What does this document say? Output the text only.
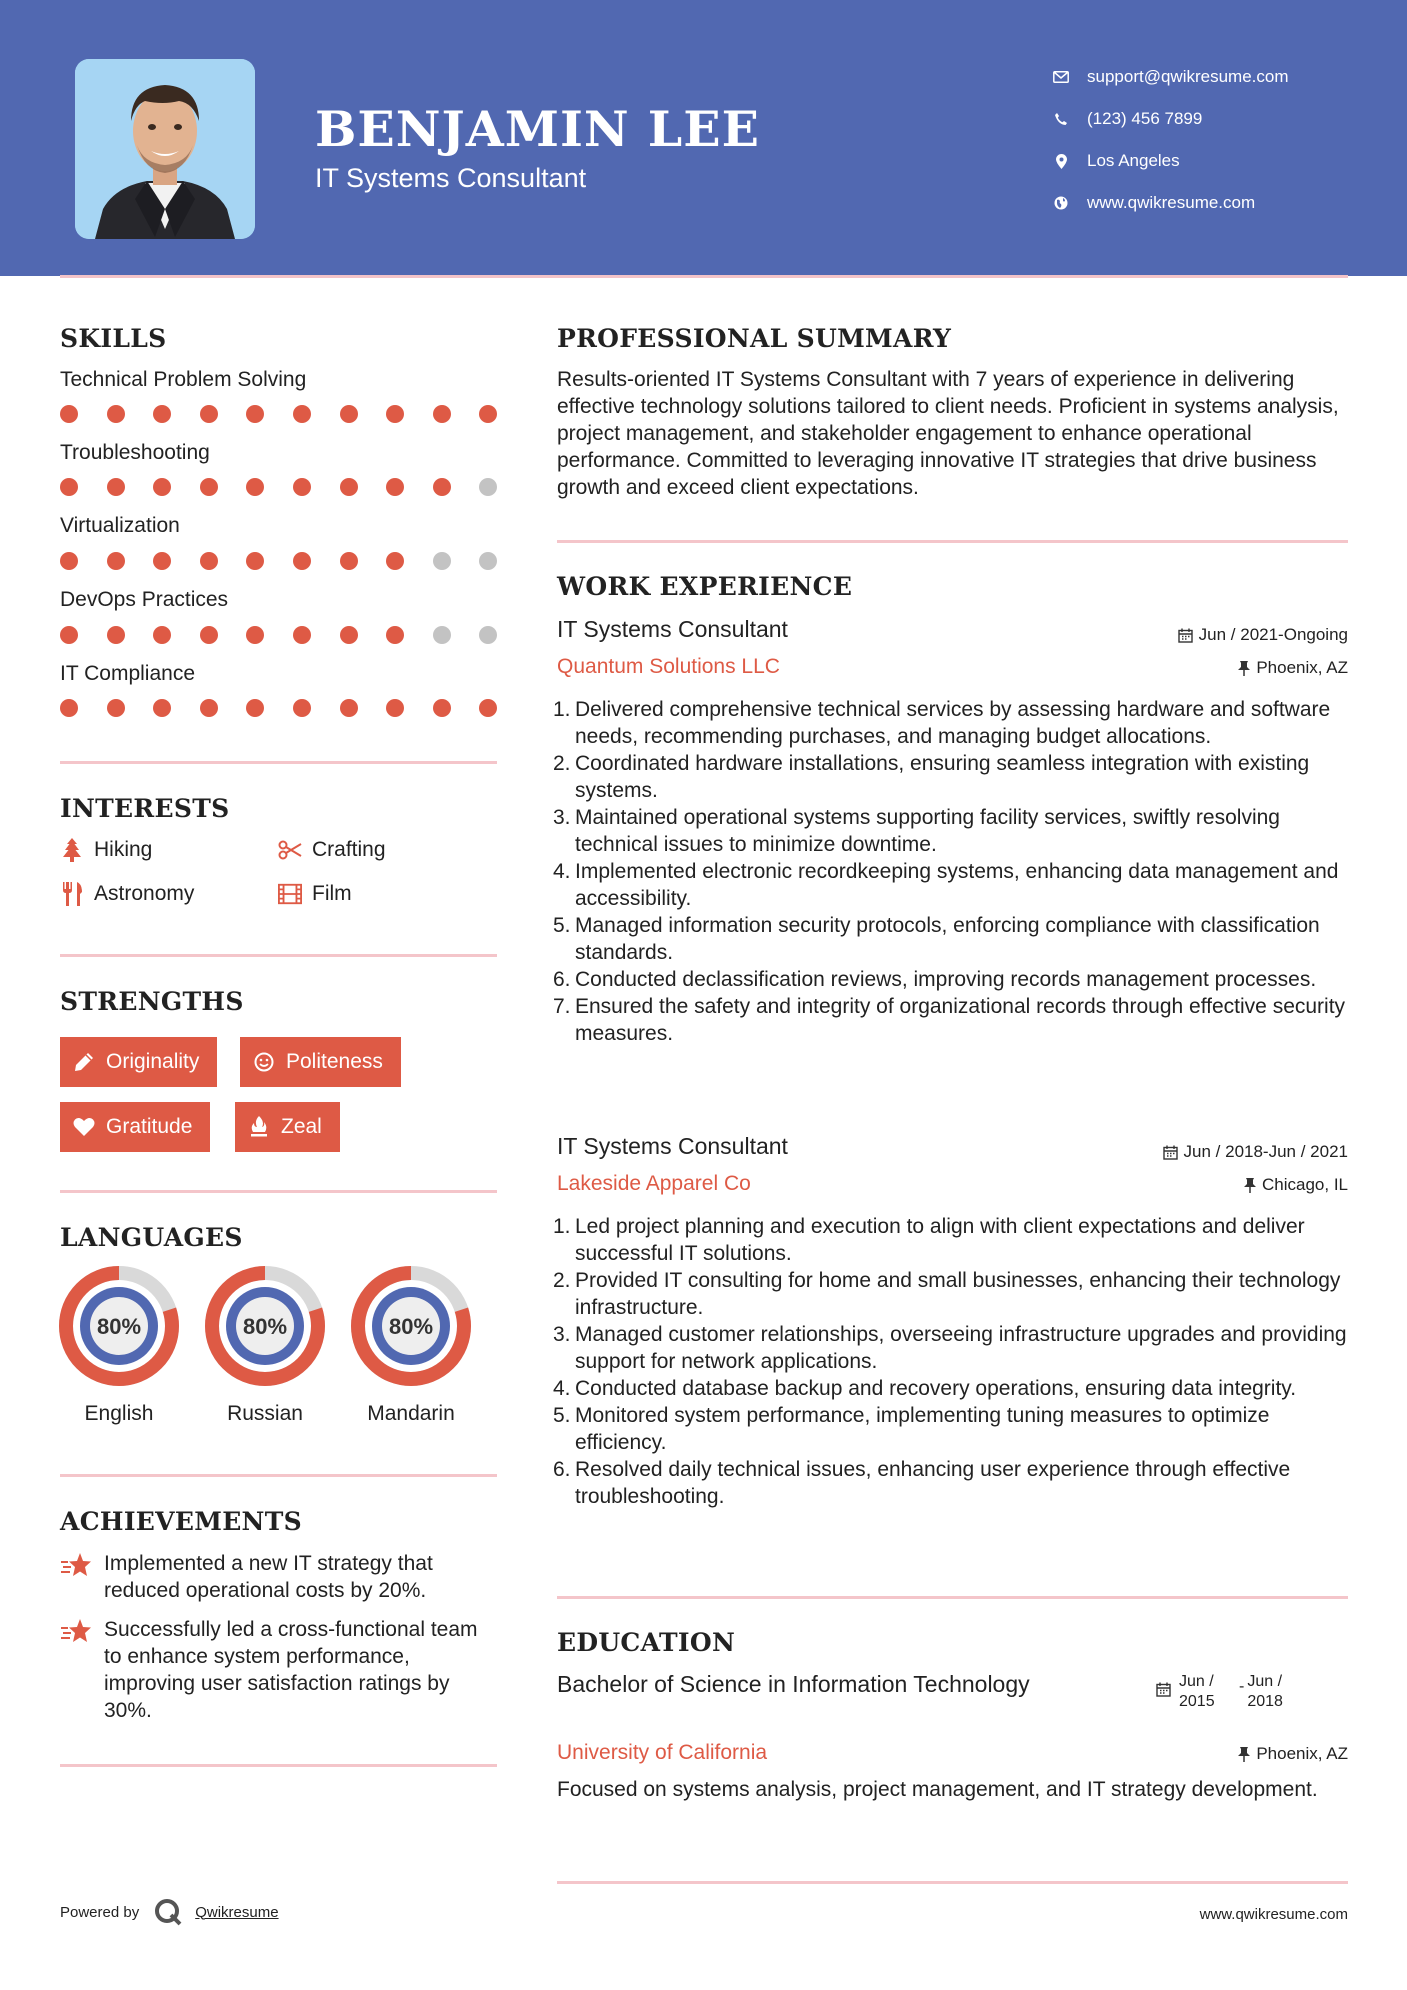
BENJAMIN LEE
IT Systems Consultant
support@qwikresume.com
(123) 456 7899
Los Angeles
www.qwikresume.com
SKILLS
Technical Problem Solving
Troubleshooting
Virtualization
DevOps Practices
IT Compliance
INTERESTS
Hiking	Crafting
Astronomy	Film
STRENGTHS
Originality	Politeness
Gratitude	Zeal
LANGUAGES
80%
English
80%
Russian
80%
Mandarin
ACHIEVEMENTS
Implemented a new IT strategy that reduced operational costs by 20%.
Successfully led a cross-functional team to enhance system performance, improving user satisfaction ratings by 30%.
PROFESSIONAL SUMMARY
Results-oriented IT Systems Consultant with 7 years of experience in delivering effective technology solutions tailored to client needs. Proficient in systems analysis, project management, and stakeholder engagement to enhance operational performance. Committed to leveraging innovative IT strategies that drive business growth and exceed client expectations.
WORK EXPERIENCE
IT Systems Consultant	Jun / 2021-Ongoing
Quantum Solutions LLC	Phoenix, AZ
1. Delivered comprehensive technical services by assessing hardware and software needs, recommending purchases, and managing budget allocations.
2. Coordinated hardware installations, ensuring seamless integration with existing systems.
3. Maintained operational systems supporting facility services, swiftly resolving technical issues to minimize downtime.
4. Implemented electronic recordkeeping systems, enhancing data management and accessibility.
5. Managed information security protocols, enforcing compliance with classification standards.
6. Conducted declassification reviews, improving records management processes.
7. Ensured the safety and integrity of organizational records through effective security measures.
IT Systems Consultant	Jun / 2018-Jun / 2021
Lakeside Apparel Co	Chicago, IL
1. Led project planning and execution to align with client expectations and deliver successful IT solutions.
2. Provided IT consulting for home and small businesses, enhancing their technology infrastructure.
3. Managed customer relationships, overseeing infrastructure upgrades and providing support for network applications.
4. Conducted database backup and recovery operations, ensuring data integrity.
5. Monitored system performance, implementing tuning measures to optimize efficiency.
6. Resolved daily technical issues, enhancing user experience through effective troubleshooting.
EDUCATION
Bachelor of Science in Information Technology	Jun / 2015
- Jun / 2018
University of California	Phoenix, AZ
Focused on systems analysis, project management, and IT strategy development.
Powered by	Qwikresume	www.qwikresume.com
